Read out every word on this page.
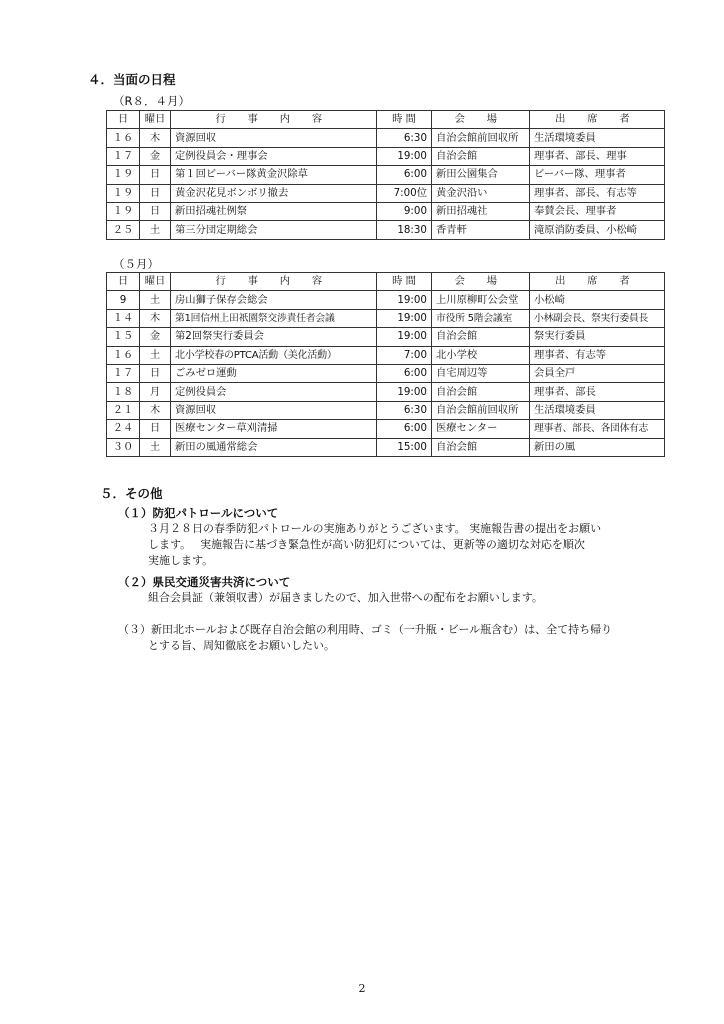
４．当面の日程
（R８．４月）
日	曜日	行 事 内 容	時 間	会 場	出 席 者
１６	木	資源回収	6:30	自治会館前回収所	生活環境委員
１７	金	定例役員会・理事会	19:00	自治会館	理事者、部長、理事
１９	日	第１回ビーバー隊黄金沢除草	6:00	新田公園集合	ビーバー隊、理事者
１９	日	黄金沢花見ボンボリ撤去	7:00位	黄金沢沿い	理事者、部長、有志等
１９	日	新田招魂社例祭	9:00	新田招魂社	奉賛会長、理事者
２５	土	第三分団定期総会	18:30	香青軒	滝原消防委員、小松崎
（５月）
日	曜日	行 事 内 容	時 間	会 場	出 席 者
9	土	房山獅子保存会総会	19:00	上川原柳町公会堂	小松崎
１４	木	第1回信州上田祇園祭交渉責任者会議	19:00	市役所 5階会議室	小林副会長、祭実行委員長
１５	金	第2回祭実行委員会	19:00	自治会館	祭実行委員
１６	土	北小学校春のPTCA活動（美化活動）	7:00	北小学校	理事者、有志等
１７	日	ごみゼロ運動	6:00	自宅周辺等	会員全戸
１８	月	定例役員会	19:00	自治会館	理事者、部長
２１	木	資源回収	6:30	自治会館前回収所	生活環境委員
２４	日	医療センター草刈清掃	6:00	医療センター	理事者、部長、各団体有志
３０	土	新田の風通常総会	15:00	自治会館	新田の風
５．その他
（１）防犯パトロールについて
３月２８日の春季防犯パトロールの実施ありがとうございます。 実施報告書の提出をお願い
します。　 実施報告に基づき緊急性が高い防犯灯については、更新等の適切な対応を順次
実施します。
（２）県民交通災害共済について
組合会員証（兼領収書）が届きましたので、加入世帯への配布をお願いします。
（３）新田北ホールおよび既存自治会館の利用時、ゴミ（一升瓶・ビール瓶含む）は、全て持ち帰り
とする旨、周知徹底をお願いしたい。
2
